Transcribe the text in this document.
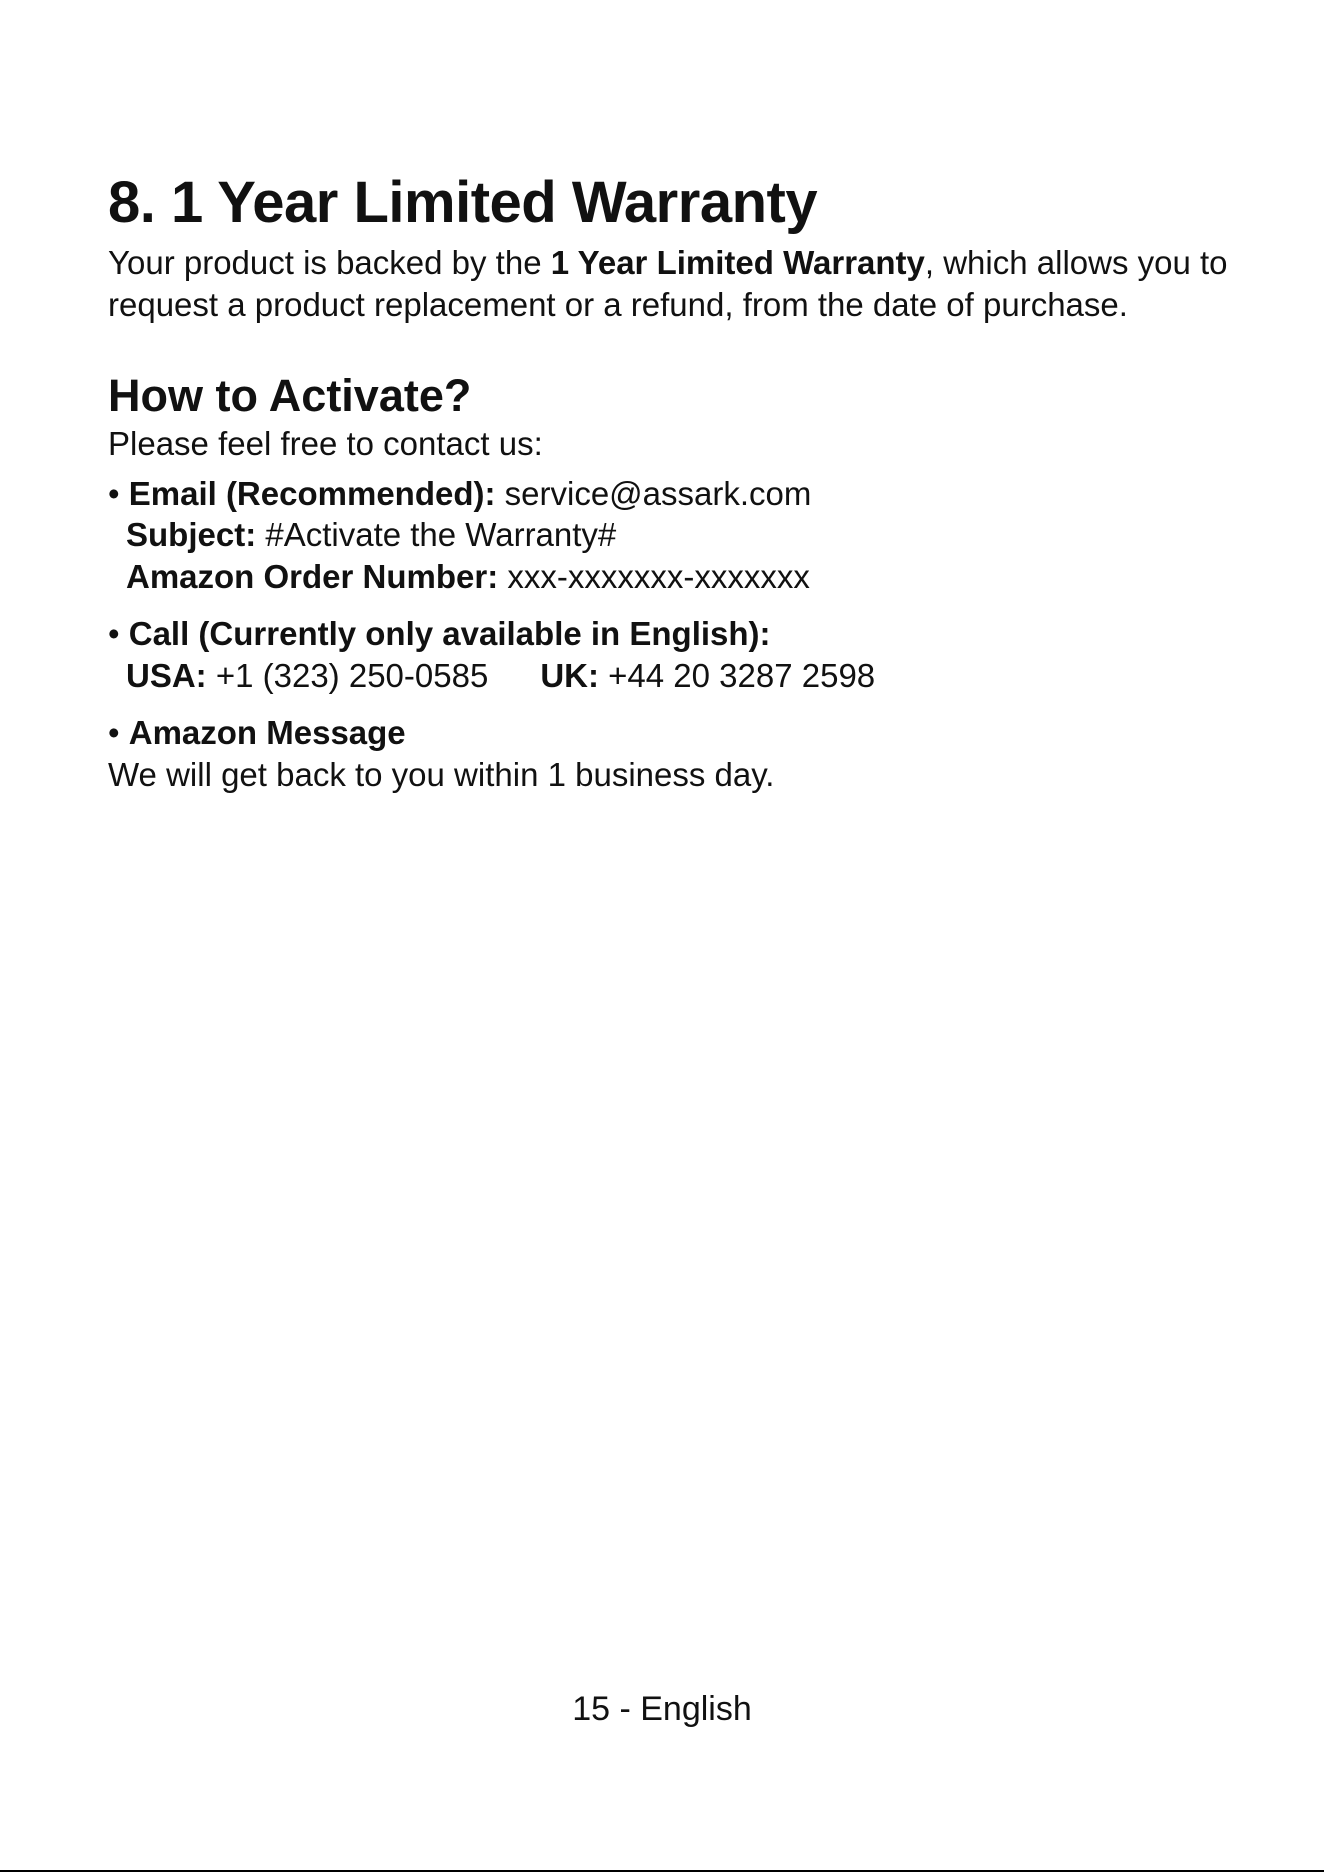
8. 1 Year Limited Warranty

Your product is backed by the 1 Year Limited Warranty, which allows you to request a product replacement or a refund, from the date of purchase.

How to Activate?

Please feel free to contact us:

• Email (Recommended): service@assark.com

Subject: #Activate the Warranty#

Amazon Order Number: xxx-xxxxxxx-xxxxxxx

• Call (Currently only available in English):

USA: +1 (323) 250-0585 UK: +44 20 3287 2598

• Amazon Message

We will get back to you within 1 business day.

15 - English
